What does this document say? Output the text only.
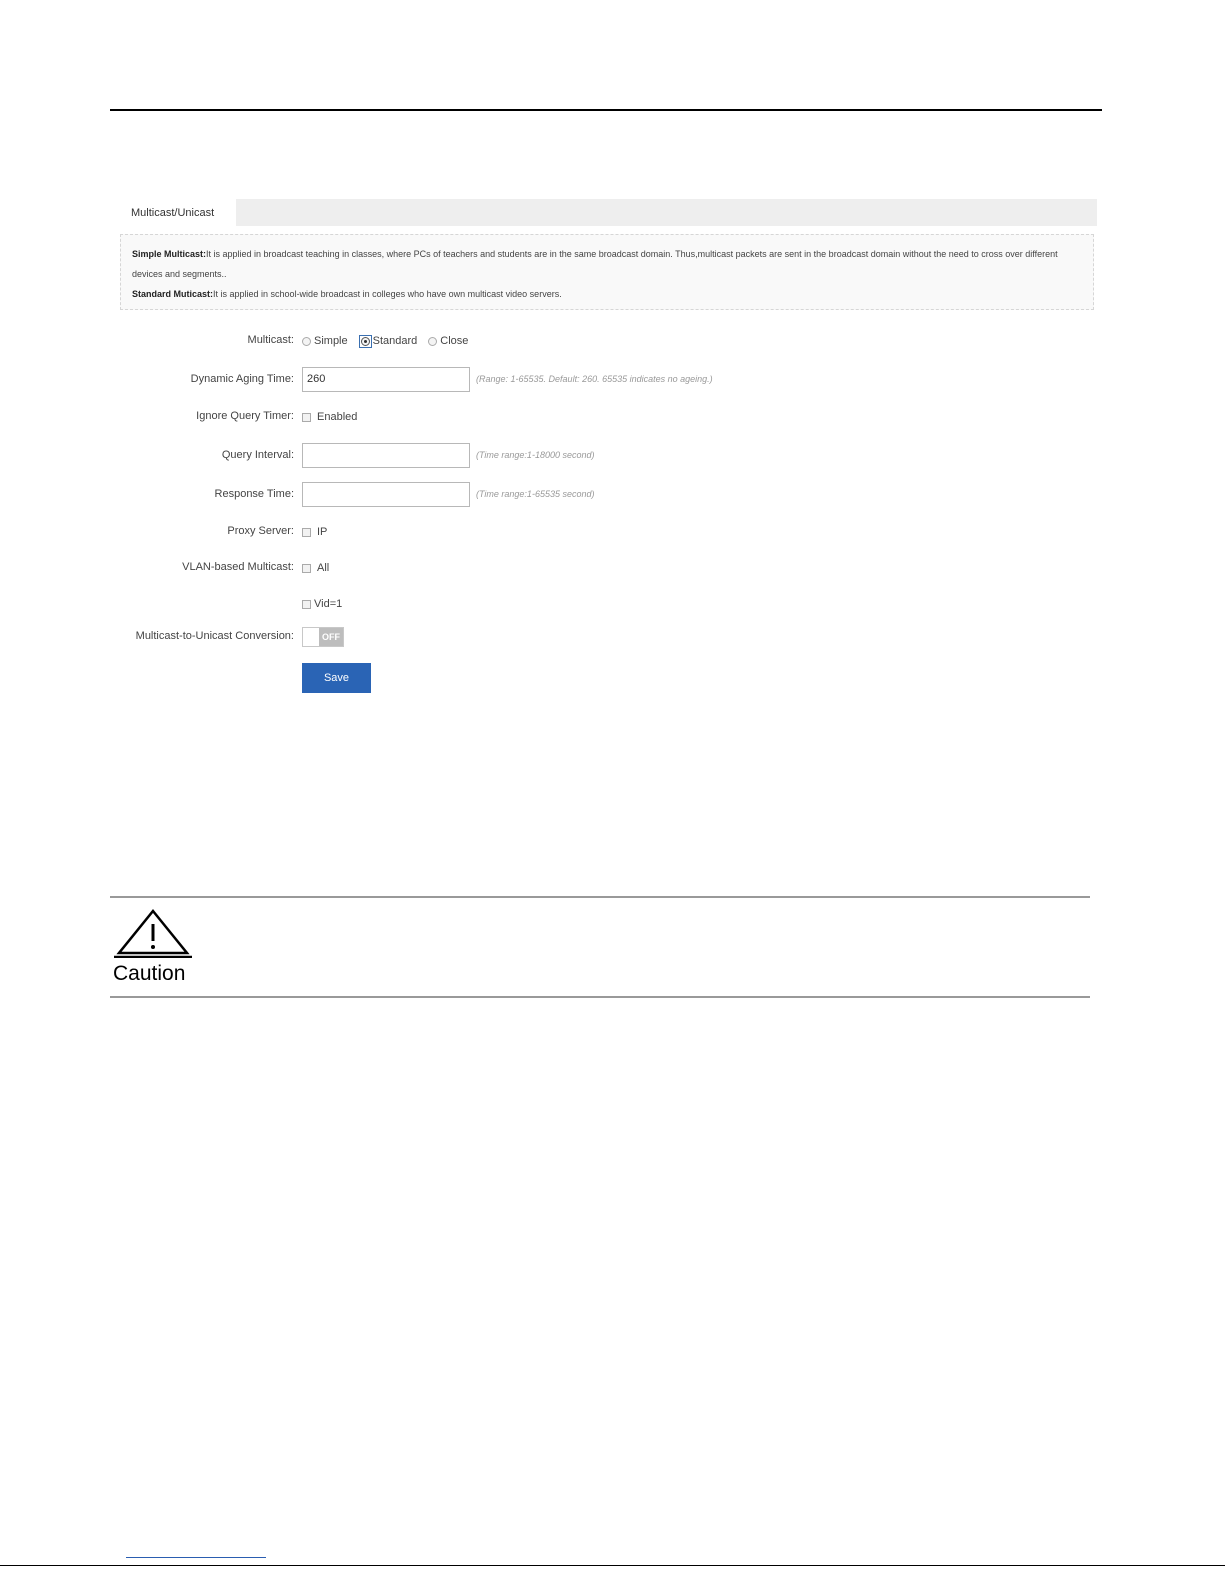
Multicast/Unicast
Simple Multicast:It is applied in broadcast teaching in classes, where PCs of teachers and students are in the same broadcast domain. Thus,multicast packets are sent in the broadcast domain without the need to cross over different devices and segments..
Standard Muticast:It is applied in school-wide broadcast in colleges who have own multicast video servers.
Multicast: Simple Standard Close
Dynamic Aging Time:
260	(Range: 1-65535. Default: 260. 65535 indicates no ageing.)
Ignore Query Timer: Enabled
Query Interval:	(Time range:1-18000 second)
Response Time:	(Time range:1-65535 second)
Proxy Server: IP
VLAN-based Multicast: All
Vid=1
Multicast-to-Unicast Conversion:	OFF
Save
Caution
